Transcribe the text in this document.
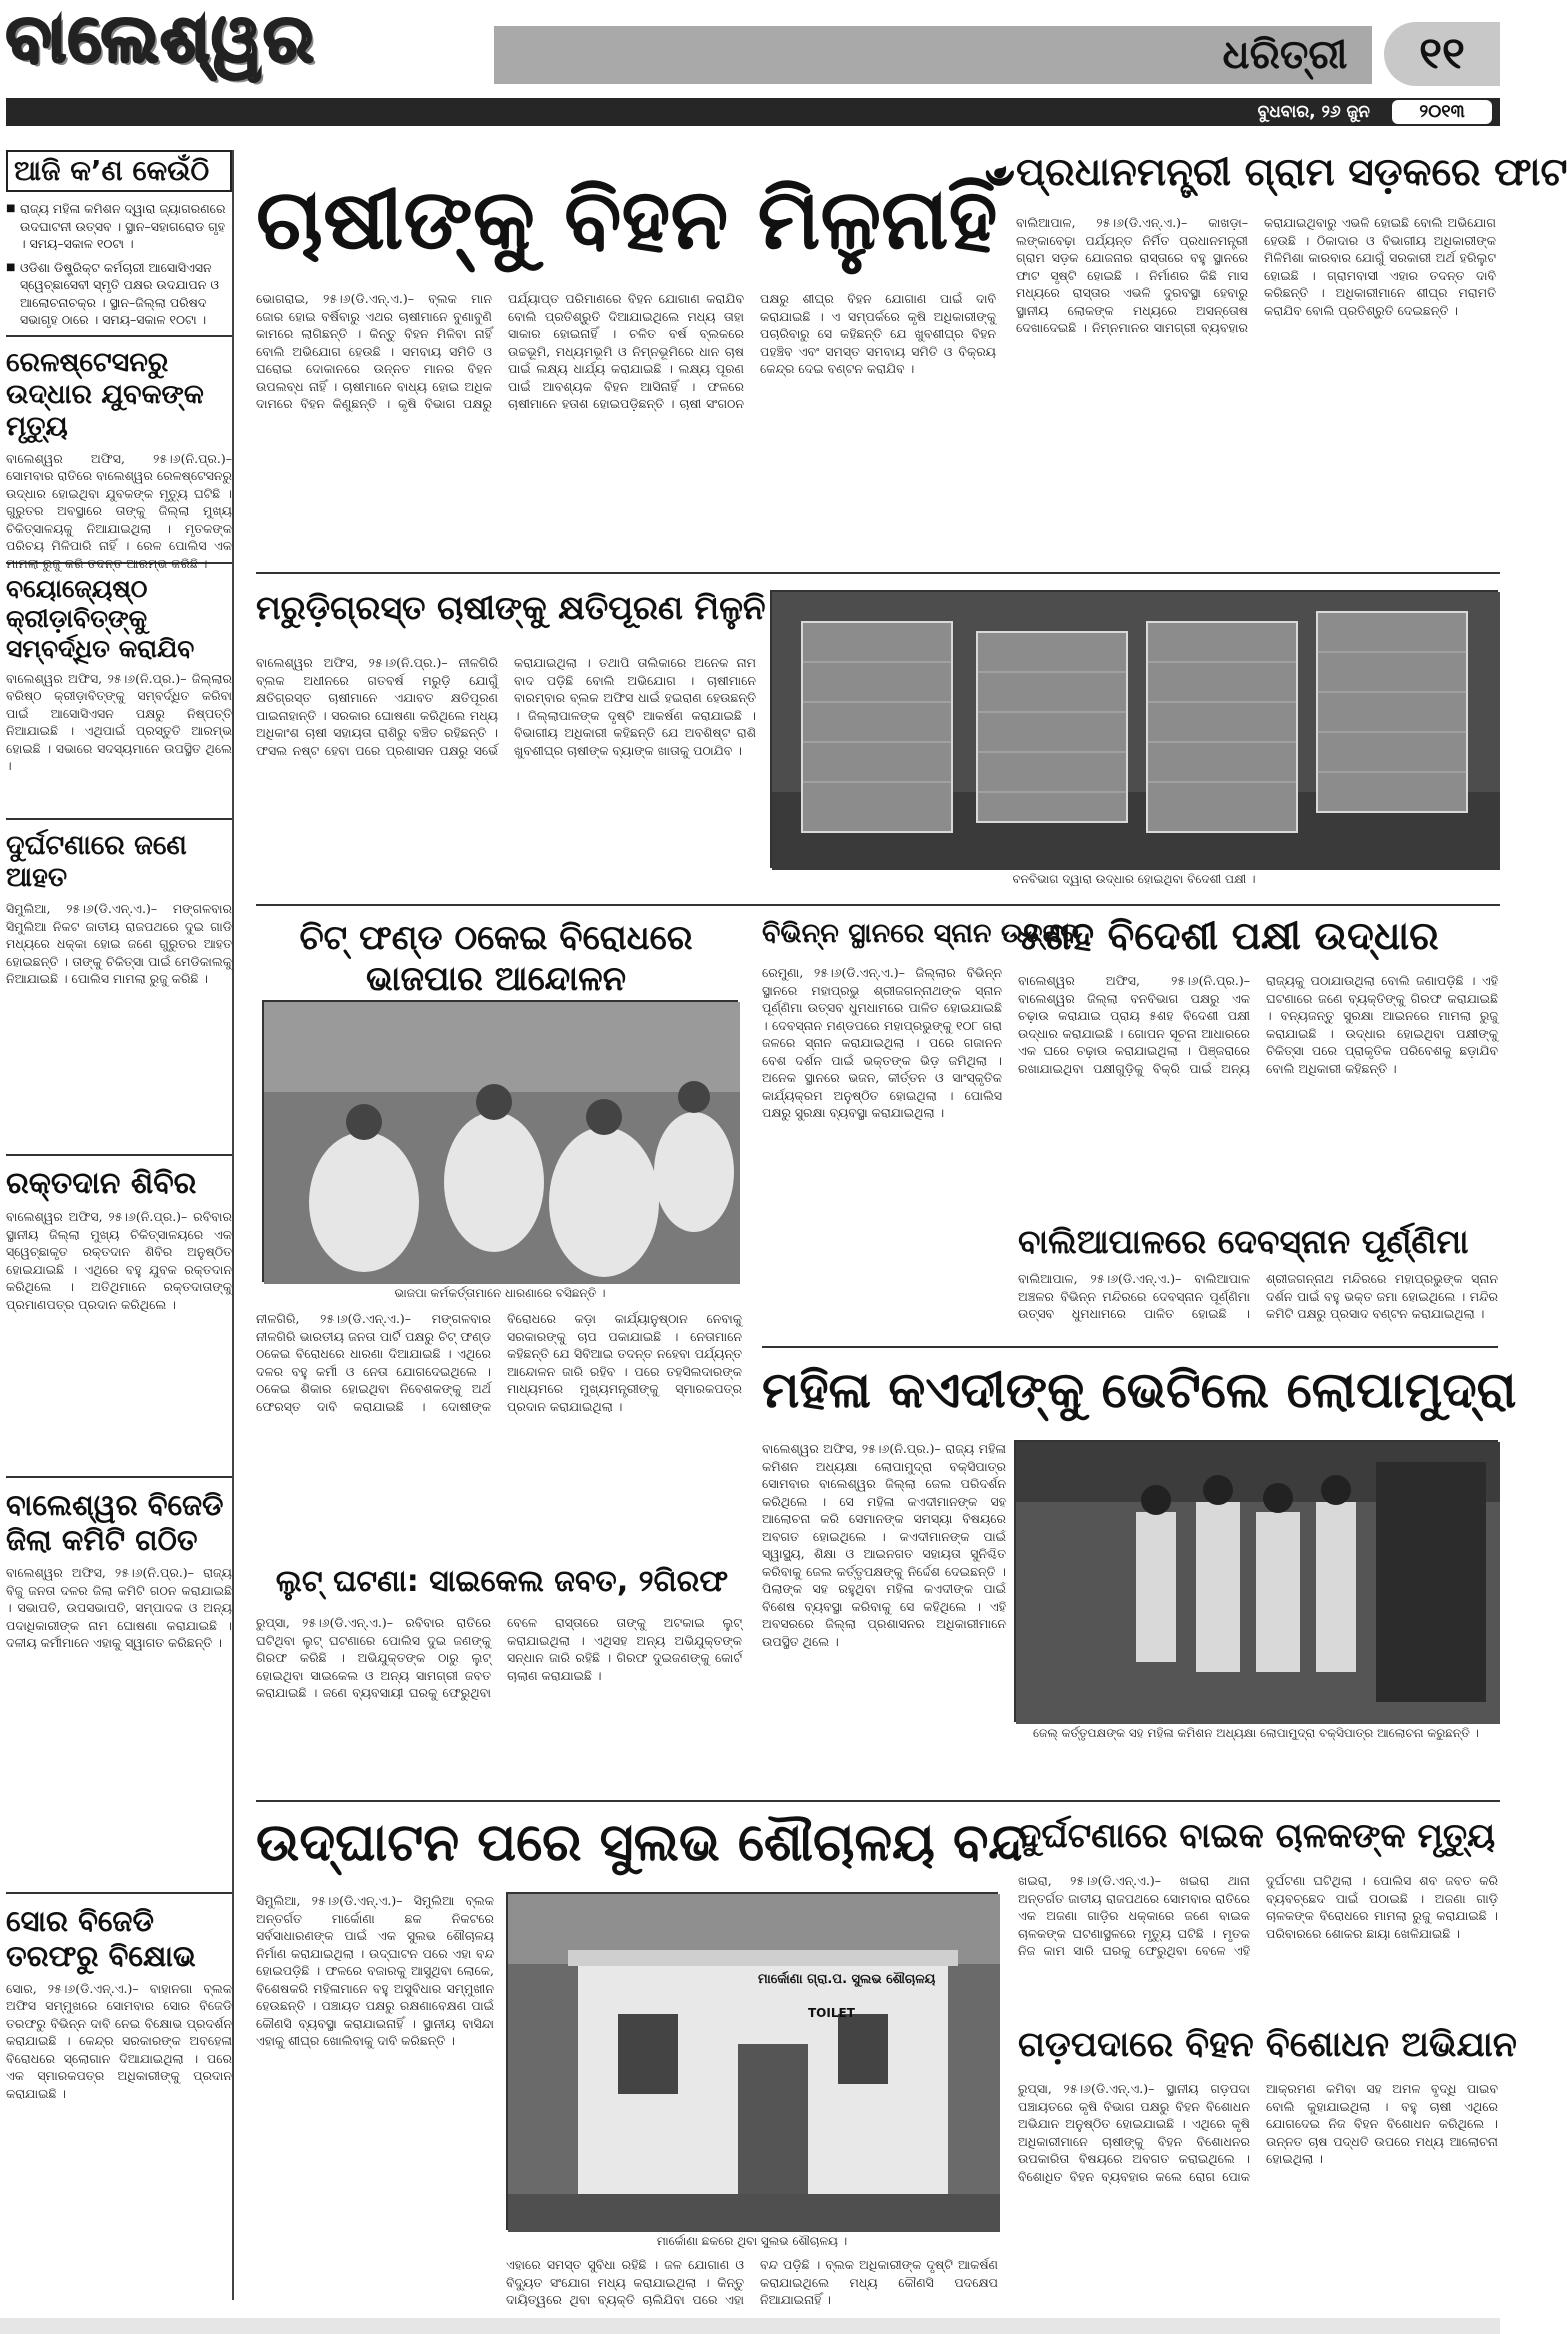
ବାଲେଶ୍ୱର	ଧରିତ୍ରୀ	୧୧
ବୁଧବାର, ୨୬ ଜୁନ	୨୦୧୩
ଆଜି କ’ଣ କେଉଁଠି
■ ରାଜ୍ୟ ମହିଳା କମିଶନ ଦ୍ୱାରା ଜ୍ୟାଗରଣରେ ଉଦଘାଟନୀ ଉତ୍ସବ । ସ୍ଥାନ–ସହାଗରୋଡ ଗୃହ । ସମୟ–ସକାଳ ୧୦ଟା ।
■ ଓଡିଶା ଡିଷ୍ଟ୍ରିକ୍ଟ କର୍ମଚାରୀ ଆସୋସିଏସନ ସ୍ୱେଚ୍ଛାସେବୀ ସ୍ମୃତି ପକ୍ଷର ଉଦଯାପନ ଓ ଆଲୋଚନାଚକ୍ର । ସ୍ଥାନ–ଜିଲ୍ଲା ପରିଷଦ ସଭାଗୃହ ଠାରେ । ସମୟ–ସକାଳ ୧୦ଟା ।
ରେଳଷ୍ଟେସନରୁ ଉଦ୍ଧାର ଯୁବକଙ୍କ ମୃତ୍ୟୁ
ବାଲେଶ୍ୱର ଅଫିସ, ୨୫।୬(ନି.ପ୍ର.)– ସୋମବାର ରାତିରେ ବାଲେଶ୍ୱର ରେଳଷ୍ଟେସନରୁ ଉଦ୍ଧାର ହୋଇଥିବା ଯୁବକଙ୍କ ମୃତ୍ୟୁ ଘଟିଛି । ଗୁରୁତର ଅବସ୍ଥାରେ ତାଙ୍କୁ ଜିଲ୍ଲା ମୁଖ୍ୟ ଚିକିତ୍ସାଳୟକୁ ନିଆଯାଇଥିଲା । ମୃତକଙ୍କ ପରିଚୟ ମିଳିପାରି ନାହିଁ । ରେଳ ପୋଲିସ ଏକ ମାମଲା ରୁଜୁ କରି ତଦନ୍ତ ଆରମ୍ଭ କରିଛି ।
ବୟୋଜ୍ୟେଷ୍ଠ କ୍ରୀଡ଼ାବିତ୍‌ଙ୍କୁ ସମ୍ବର୍ଦ୍ଧିତ କରାଯିବ
ବାଲେଶ୍ୱର ଅଫିସ, ୨୫।୬(ନି.ପ୍ର.)– ଜିଲ୍ଲାର ବରିଷ୍ଠ କ୍ରୀଡ଼ାବିତ୍‌ଙ୍କୁ ସମ୍ବର୍ଦ୍ଧିତ କରିବା ପାଇଁ ଆସୋସିଏସନ ପକ୍ଷରୁ ନିଷ୍ପତ୍ତି ନିଆଯାଇଛି । ଏଥିପାଇଁ ପ୍ରସ୍ତୁତି ଆରମ୍ଭ ହୋଇଛି । ସଭାରେ ସଦସ୍ୟମାନେ ଉପସ୍ଥିତ ଥିଲେ ।
ଦୁର୍ଘଟଣାରେ ଜଣେ ଆହତ
ସିମୁଲିଆ, ୨୫।୬(ଡି.ଏନ୍.ଏ.)– ମଙ୍ଗଳବାର ସିମୁଲିଆ ନିକଟ ଜାତୀୟ ରାଜପଥରେ ଦୁଇ ଗାଡି ମଧ୍ୟରେ ଧକ୍କା ହୋଇ ଜଣେ ଗୁରୁତର ଆହତ ହୋଇଛନ୍ତି । ତାଙ୍କୁ ଚିକିତ୍ସା ପାଇଁ ମେଡିକାଲକୁ ନିଆଯାଇଛି । ପୋଲିସ ମାମଲା ରୁଜୁ କରିଛି ।
ରକ୍ତଦାନ ଶିବିର
ବାଲେଶ୍ୱର ଅଫିସ, ୨୫।୬(ନି.ପ୍ର.)– ରବିବାର ସ୍ଥାନୀୟ ଜିଲ୍ଲା ମୁଖ୍ୟ ଚିକିତ୍ସାଳୟରେ ଏକ ସ୍ୱେଚ୍ଛାକୃତ ରକ୍ତଦାନ ଶିବିର ଅନୁଷ୍ଠିତ ହୋଇଯାଇଛି । ଏଥିରେ ବହୁ ଯୁବକ ରକ୍ତଦାନ କରିଥିଲେ । ଅତିଥିମାନେ ରକ୍ତଦାତାଙ୍କୁ ପ୍ରମାଣପତ୍ର ପ୍ରଦାନ କରିଥିଲେ ।
ବାଲେଶ୍ୱର ବିଜେଡି ଜିଲା କମିଟି ଗଠିତ
ବାଲେଶ୍ୱର ଅଫିସ, ୨୫।୬(ନି.ପ୍ର.)– ରାଜ୍ୟ ବିଜୁ ଜନତା ଦଳର ଜିଲା କମିଟି ଗଠନ କରାଯାଇଛି । ସଭାପତି, ଉପସଭାପତି, ସମ୍ପାଦକ ଓ ଅନ୍ୟ ପଦାଧିକାରୀଙ୍କ ନାମ ଘୋଷଣା କରାଯାଇଛି । ଦଳୀୟ କର୍ମୀମାନେ ଏହାକୁ ସ୍ୱାଗତ କରିଛନ୍ତି ।
ସୋର ବିଜେଡି ତରଫରୁ ବିକ୍ଷୋଭ
ସୋର, ୨୫।୬(ଡି.ଏନ୍.ଏ.)– ବାହାନଗା ବ୍ଲକ ଅଫିସ ସମ୍ମୁଖରେ ସୋମବାର ସୋର ବିଜେଡି ତରଫରୁ ବିଭିନ୍ନ ଦାବି ନେଇ ବିକ୍ଷୋଭ ପ୍ରଦର୍ଶନ କରାଯାଇଛି । କେନ୍ଦ୍ର ସରକାରଙ୍କ ଅବହେଳା ବିରୋଧରେ ସ୍ଲୋଗାନ ଦିଆଯାଇଥିଲା । ପରେ ଏକ ସ୍ମାରକପତ୍ର ଅଧିକାରୀଙ୍କୁ ପ୍ରଦାନ କରାଯାଇଛି ।
ଚାଷୀଙ୍କୁ ବିହନ ମିଳୁନାହିଁ
ଭୋଗରାଇ, ୨୫।୬(ଡି.ଏନ୍.ଏ.)– ବ୍ଲକ ମାନ ଜୋର ହୋଇ ବର୍ଷିବାରୁ ଏଥର ଚାଷୀମାନେ ବୁଣାବୁଣି କାମରେ ଲାଗିଛନ୍ତି । କିନ୍ତୁ ବିହନ ମିଳିବା ନାହିଁ ବୋଲି ଅଭିଯୋଗ ହେଉଛି । ସମବାୟ ସମିତି ଓ ଘରୋଇ ଦୋକାନରେ ଉନ୍ନତ ମାନର ବିହନ ଉପଲବ୍ଧ ନାହିଁ । ଚାଷୀମାନେ ବାଧ୍ୟ ହୋଇ ଅଧିକ ଦାମରେ ବିହନ କିଣୁଛନ୍ତି । କୃଷି ବିଭାଗ ପକ୍ଷରୁ ପର୍ଯ୍ୟାପ୍ତ ପରିମାଣରେ ବିହନ ଯୋଗାଣ କରାଯିବ ବୋଲି ପ୍ରତିଶ୍ରୁତି ଦିଆଯାଇଥିଲେ ମଧ୍ୟ ତାହା ସାକାର ହୋଇନାହିଁ । ଚଳିତ ବର୍ଷ ବ୍ଲକରେ ଉଚ୍ଚଭୂମି, ମଧ୍ୟମଭୂମି ଓ ନିମ୍ନଭୂମିରେ ଧାନ ଚାଷ ପାଇଁ ଲକ୍ଷ୍ୟ ଧାର୍ଯ୍ୟ କରାଯାଇଛି । ଲକ୍ଷ୍ୟ ପୂରଣ ପାଇଁ ଆବଶ୍ୟକ ବିହନ ଆସିନାହିଁ । ଫଳରେ ଚାଷୀମାନେ ହତାଶ ହୋଇପଡ଼ିଛନ୍ତି । ଚାଷୀ ସଂଗଠନ ପକ୍ଷରୁ ଶୀଘ୍ର ବିହନ ଯୋଗାଣ ପାଇଁ ଦାବି କରାଯାଇଛି । ଏ ସମ୍ପର୍କରେ କୃଷି ଅଧିକାରୀଙ୍କୁ ପଚାରିବାରୁ ସେ କହିଛନ୍ତି ଯେ ଖୁବଶୀଘ୍ର ବିହନ ପହଞ୍ଚିବ ଏବଂ ସମସ୍ତ ସମବାୟ ସମିତି ଓ ବିକ୍ରୟ କେନ୍ଦ୍ର ଦେଇ ବଣ୍ଟନ କରାଯିବ ।
ପ୍ରଧାନମନ୍ତ୍ରୀ ଗ୍ରାମ ସଡ଼କରେ ଫାଟ
ବାଲିଆପାଳ, ୨୫।୬(ଡି.ଏନ୍.ଏ.)– କାଖଡ଼ା–ଲଙ୍କାବେଢ଼ା ପର୍ଯ୍ୟନ୍ତ ନିର୍ମିତ ପ୍ରଧାନମନ୍ତ୍ରୀ ଗ୍ରାମ ସଡ଼କ ଯୋଜନାର ରାସ୍ତାରେ ବହୁ ସ୍ଥାନରେ ଫାଟ ସୃଷ୍ଟି ହୋଇଛି । ନିର୍ମାଣର କିଛି ମାସ ମଧ୍ୟରେ ରାସ୍ତାର ଏଭଳି ଦୁରବସ୍ଥା ହେବାରୁ ସ୍ଥାନୀୟ ଲୋକଙ୍କ ମଧ୍ୟରେ ଅସନ୍ତୋଷ ଦେଖାଦେଇଛି । ନିମ୍ନମାନର ସାମଗ୍ରୀ ବ୍ୟବହାର କରାଯାଇଥିବାରୁ ଏଭଳି ହୋଇଛି ବୋଲି ଅଭିଯୋଗ ହେଉଛି । ଠିକାଦାର ଓ ବିଭାଗୀୟ ଅଧିକାରୀଙ୍କ ମିଳିମିଶା କାରବାର ଯୋଗୁଁ ସରକାରୀ ଅର୍ଥ ହରିଲୁଟ ହୋଇଛି । ଗ୍ରାମବାସୀ ଏହାର ତଦନ୍ତ ଦାବି କରିଛନ୍ତି । ଅଧିକାରୀମାନେ ଶୀଘ୍ର ମରାମତି କରାଯିବ ବୋଲି ପ୍ରତିଶ୍ରୁତି ଦେଇଛନ୍ତି ।
ମରୁଡ଼ିଗ୍ରସ୍ତ ଚାଷୀଙ୍କୁ କ୍ଷତିପୂରଣ ମିଳୁନି
ବାଲେଶ୍ୱର ଅଫିସ, ୨୫।୬(ନି.ପ୍ର.)– ନୀଳଗିରି ବ୍ଲକ ଅଧୀନରେ ଗତବର୍ଷ ମରୁଡ଼ି ଯୋଗୁଁ କ୍ଷତିଗ୍ରସ୍ତ ଚାଷୀମାନେ ଏଯାବତ କ୍ଷତିପୂରଣ ପାଇନାହାନ୍ତି । ସରକାର ଘୋଷଣା କରିଥିଲେ ମଧ୍ୟ ଅଧିକାଂଶ ଚାଷୀ ସହାୟତା ରାଶିରୁ ବଞ୍ଚିତ ରହିଛନ୍ତି । ଫସଲ ନଷ୍ଟ ହେବା ପରେ ପ୍ରଶାସନ ପକ୍ଷରୁ ସର୍ଭେ କରାଯାଇଥିଲା । ତଥାପି ତାଲିକାରେ ଅନେକ ନାମ ବାଦ ପଡ଼ିଛି ବୋଲି ଅଭିଯୋଗ । ଚାଷୀମାନେ ବାରମ୍ବାର ବ୍ଲକ ଅଫିସ ଧାଇଁ ହଇରାଣ ହେଉଛନ୍ତି । ଜିଲ୍ଲାପାଳଙ୍କ ଦୃଷ୍ଟି ଆକର୍ଷଣ କରାଯାଇଛି । ବିଭାଗୀୟ ଅଧିକାରୀ କହିଛନ୍ତି ଯେ ଅବଶିଷ୍ଟ ରାଶି ଖୁବଶୀଘ୍ର ଚାଷୀଙ୍କ ବ୍ୟାଙ୍କ ଖାତାକୁ ପଠାଯିବ ।
ବନବିଭାଗ ଦ୍ୱାରା ଉଦ୍ଧାର ହୋଇଥିବା ବିଦେଶୀ ପକ୍ଷୀ ।
ଚିଟ୍ ଫଣ୍ଡ ଠକେଇ ବିରୋଧରେ ଭାଜପାର ଆନ୍ଦୋଳନ
ଭାଜପା କର୍ମକର୍ତ୍ତାମାନେ ଧାରଣାରେ ବସିଛନ୍ତି ।
ନୀଳଗିରି, ୨୫।୬(ଡି.ଏନ୍.ଏ.)– ମଙ୍ଗଳବାର ନୀଳଗିରି ଭାରତୀୟ ଜନତା ପାର୍ଟି ପକ୍ଷରୁ ଚିଟ୍ ଫଣ୍ଡ ଠକେଇ ବିରୋଧରେ ଧାରଣା ଦିଆଯାଇଛି । ଏଥିରେ ଦଳର ବହୁ କର୍ମୀ ଓ ନେତା ଯୋଗଦେଇଥିଲେ । ଠକେଇ ଶିକାର ହୋଇଥିବା ନିବେଶକଙ୍କୁ ଅର୍ଥ ଫେରସ୍ତ ଦାବି କରାଯାଇଛି । ଦୋଷୀଙ୍କ ବିରୋଧରେ କଡ଼ା କାର୍ଯ୍ୟାନୁଷ୍ଠାନ ନେବାକୁ ସରକାରଙ୍କୁ ଚାପ ପକାଯାଇଛି । ନେତାମାନେ କହିଛନ୍ତି ଯେ ସିବିଆଇ ତଦନ୍ତ ନହେବା ପର୍ଯ୍ୟନ୍ତ ଆନ୍ଦୋଳନ ଜାରି ରହିବ । ପରେ ତହସିଲଦାରଙ୍କ ମାଧ୍ୟମରେ ମୁଖ୍ୟମନ୍ତ୍ରୀଙ୍କୁ ସ୍ମାରକପତ୍ର ପ୍ରଦାନ କରାଯାଇଥିଲା ।
ବିଭିନ୍ନ ସ୍ଥାନରେ ସ୍ନାନ ଉତ୍ସବ
ରେମୁଣା, ୨୫।୬(ଡି.ଏନ୍.ଏ.)– ଜିଲ୍ଲାର ବିଭିନ୍ନ ସ୍ଥାନରେ ମହାପ୍ରଭୁ ଶ୍ରୀଜଗନ୍ନାଥଙ୍କ ସ୍ନାନ ପୂର୍ଣ୍ଣିମା ଉତ୍ସବ ଧୁମଧାମରେ ପାଳିତ ହୋଇଯାଇଛି । ଦେବସ୍ନାନ ମଣ୍ଡପରେ ମହାପ୍ରଭୁଙ୍କୁ ୧୦୮ ଗରା ଜଳରେ ସ୍ନାନ କରାଯାଇଥିଲା । ପରେ ଗଜାନନ ବେଶ ଦର୍ଶନ ପାଇଁ ଭକ୍ତଙ୍କ ଭିଡ଼ ଜମିଥିଲା । ଅନେକ ସ୍ଥାନରେ ଭଜନ, କୀର୍ତ୍ତନ ଓ ସାଂସ୍କୃତିକ କାର୍ଯ୍ୟକ୍ରମ ଅନୁଷ୍ଠିତ ହୋଇଥିଲା । ପୋଲିସ ପକ୍ଷରୁ ସୁରକ୍ଷା ବ୍ୟବସ୍ଥା କରାଯାଇଥିଲା ।
୫ଶହ ବିଦେଶୀ ପକ୍ଷୀ ଉଦ୍ଧାର
ବାଲେଶ୍ୱର ଅଫିସ, ୨୫।୬(ନି.ପ୍ର.)– ବାଲେଶ୍ୱର ଜିଲ୍ଲା ବନବିଭାଗ ପକ୍ଷରୁ ଏକ ଚଢ଼ାଉ କରାଯାଇ ପ୍ରାୟ ୫ଶହ ବିଦେଶୀ ପକ୍ଷୀ ଉଦ୍ଧାର କରାଯାଇଛି । ଗୋପନ ସୂଚନା ଆଧାରରେ ଏକ ଘରେ ଚଢ଼ାଉ କରାଯାଇଥିଲା । ପିଞ୍ଜରାରେ ରଖାଯାଇଥିବା ପକ୍ଷୀଗୁଡ଼ିକୁ ବିକ୍ରି ପାଇଁ ଅନ୍ୟ ରାଜ୍ୟକୁ ପଠାଯାଉଥିଲା ବୋଲି ଜଣାପଡ଼ିଛି । ଏହି ଘଟଣାରେ ଜଣେ ବ୍ୟକ୍ତିଙ୍କୁ ଗିରଫ କରାଯାଇଛି । ବନ୍ୟଜନ୍ତୁ ସୁରକ୍ଷା ଆଇନରେ ମାମଲା ରୁଜୁ କରାଯାଇଛି । ଉଦ୍ଧାର ହୋଇଥିବା ପକ୍ଷୀଙ୍କୁ ଚିକିତ୍ସା ପରେ ପ୍ରାକୃତିକ ପରିବେଶକୁ ଛଡ଼ାଯିବ ବୋଲି ଅଧିକାରୀ କହିଛନ୍ତି ।
ବାଲିଆପାଳରେ ଦେବସ୍ନାନ ପୂର୍ଣ୍ଣିମା
ବାଲିଆପାଳ, ୨୫।୬(ଡି.ଏନ୍.ଏ.)– ବାଲିଆପାଳ ଅଞ୍ଚଳର ବିଭିନ୍ନ ମନ୍ଦିରରେ ଦେବସ୍ନାନ ପୂର୍ଣ୍ଣିମା ଉତ୍ସବ ଧୁମଧାମରେ ପାଳିତ ହୋଇଛି । ଶ୍ରୀଜଗନ୍ନାଥ ମନ୍ଦିରରେ ମହାପ୍ରଭୁଙ୍କ ସ୍ନାନ ଦର୍ଶନ ପାଇଁ ବହୁ ଭକ୍ତ ଜମା ହୋଇଥିଲେ । ମନ୍ଦିର କମିଟି ପକ୍ଷରୁ ପ୍ରସାଦ ବଣ୍ଟନ କରାଯାଇଥିଲା ।
ଲୁଟ୍ ଘଟଣା: ସାଇକେଲ ଜବତ, ୨ଗିରଫ
ରୁପ୍ସା, ୨୫।୬(ଡି.ଏନ୍.ଏ.)– ରବିବାର ରାତିରେ ଘଟିଥିବା ଲୁଟ୍ ଘଟଣାରେ ପୋଲିସ ଦୁଇ ଜଣଙ୍କୁ ଗିରଫ କରିଛି । ଅଭିଯୁକ୍ତଙ୍କ ଠାରୁ ଲୁଟ୍ ହୋଇଥିବା ସାଇକେଲ ଓ ଅନ୍ୟ ସାମଗ୍ରୀ ଜବତ କରାଯାଇଛି । ଜଣେ ବ୍ୟବସାୟୀ ଘରକୁ ଫେରୁଥିବା ବେଳେ ରାସ୍ତାରେ ତାଙ୍କୁ ଅଟକାଇ ଲୁଟ୍ କରାଯାଇଥିଲା । ଏଥିସହ ଅନ୍ୟ ଅଭିଯୁକ୍ତଙ୍କ ସନ୍ଧାନ ଜାରି ରହିଛି । ଗିରଫ ଦୁଇଜଣଙ୍କୁ କୋର୍ଟ ଚାଲାଣ କରାଯାଇଛି ।
ମହିଳା କଏଦୀଙ୍କୁ ଭେଟିଲେ ଲୋପାମୁଦ୍ରା
ବାଲେଶ୍ୱର ଅଫିସ, ୨୫।୬(ନି.ପ୍ର.)– ରାଜ୍ୟ ମହିଳା କମିଶନ ଅଧ୍ୟକ୍ଷା ଲୋପାମୁଦ୍ରା ବକ୍ସିପାତ୍ର ସୋମବାର ବାଲେଶ୍ୱର ଜିଲ୍ଲା ଜେଲ ପରିଦର୍ଶନ କରିଥିଲେ । ସେ ମହିଳା କଏଦୀମାନଙ୍କ ସହ ଆଲୋଚନା କରି ସେମାନଙ୍କ ସମସ୍ୟା ବିଷୟରେ ଅବଗତ ହୋଇଥିଲେ । କଏଦୀମାନଙ୍କ ପାଇଁ ସ୍ୱାସ୍ଥ୍ୟ, ଶିକ୍ଷା ଓ ଆଇନଗତ ସହାୟତା ସୁନିଶ୍ଚିତ କରିବାକୁ ଜେଲ କର୍ତ୍ତୃପକ୍ଷଙ୍କୁ ନିର୍ଦ୍ଦେଶ ଦେଇଛନ୍ତି । ପିଲାଙ୍କ ସହ ରହୁଥିବା ମହିଳା କଏଦୀଙ୍କ ପାଇଁ ବିଶେଷ ବ୍ୟବସ୍ଥା କରିବାକୁ ସେ କହିଥିଲେ । ଏହି ଅବସରରେ ଜିଲ୍ଲା ପ୍ରଶାସନର ଅଧିକାରୀମାନେ ଉପସ୍ଥିତ ଥିଲେ ।
ଜେଲ୍ କର୍ତ୍ତୃପକ୍ଷଙ୍କ ସହ ମହିଳା କମିଶନ ଅଧ୍ୟକ୍ଷା ଲୋପାମୁଦ୍ରା ବକ୍ସିପାତ୍ର ଆଲୋଚନା କରୁଛନ୍ତି ।
ଉଦ୍‌ଘାଟନ ପରେ ସୁଲଭ ଶୌଚାଳୟ ବନ୍ଦ
ସିମୁଲିଆ, ୨୫।୬(ଡି.ଏନ୍.ଏ.)– ସିମୁଲିଆ ବ୍ଲକ ଅନ୍ତର୍ଗତ ମାର୍କୋଣା ଛକ ନିକଟରେ ସର୍ବସାଧାରଣଙ୍କ ପାଇଁ ଏକ ସୁଲଭ ଶୌଚାଳୟ ନିର୍ମାଣ କରାଯାଇଥିଲା । ଉଦ୍‌ଘାଟନ ପରେ ଏହା ବନ୍ଦ ହୋଇପଡ଼ିଛି । ଫଳରେ ବଜାରକୁ ଆସୁଥିବା ଲୋକେ, ବିଶେଷକରି ମହିଳାମାନେ ବହୁ ଅସୁବିଧାର ସମ୍ମୁଖୀନ ହେଉଛନ୍ତି । ପଞ୍ଚାୟତ ପକ୍ଷରୁ ରକ୍ଷଣାବେକ୍ଷଣ ପାଇଁ କୌଣସି ବ୍ୟବସ୍ଥା କରାଯାଇନାହିଁ । ସ୍ଥାନୀୟ ବାସିନ୍ଦା ଏହାକୁ ଶୀଘ୍ର ଖୋଲିବାକୁ ଦାବି କରିଛନ୍ତି ।
ମାର୍କୋଣା ଗ୍ରା.ପ. ସୁଲଭ ଶୌଚାଳୟ
TOILET
ମାର୍କୋଣା ଛକରେ ଥିବା ସୁଲଭ ଶୌଚାଳୟ ।
ଏହାରେ ସମସ୍ତ ସୁବିଧା ରହିଛି । ଜଳ ଯୋଗାଣ ଓ ବିଦ୍ୟୁତ ସଂଯୋଗ ମଧ୍ୟ କରାଯାଇଥିଲା । କିନ୍ତୁ ଦାୟିତ୍ୱରେ ଥିବା ବ୍ୟକ୍ତି ଚାଲିଯିବା ପରେ ଏହା ବନ୍ଦ ପଡ଼ିଛି । ବ୍ଲକ ଅଧିକାରୀଙ୍କ ଦୃଷ୍ଟି ଆକର୍ଷଣ କରାଯାଇଥିଲେ ମଧ୍ୟ କୌଣସି ପଦକ୍ଷେପ ନିଆଯାଇନାହିଁ ।
ଦୁର୍ଘଟଣାରେ ବାଇକ ଚାଳକଙ୍କ ମୃତ୍ୟୁ
ଖଇରା, ୨୫।୬(ଡି.ଏନ୍.ଏ.)– ଖଇରା ଥାନା ଅନ୍ତର୍ଗତ ଜାତୀୟ ରାଜପଥରେ ସୋମବାର ରାତିରେ ଏକ ଅଜଣା ଗାଡ଼ିର ଧକ୍କାରେ ଜଣେ ବାଇକ ଚାଳକଙ୍କ ଘଟଣାସ୍ଥଳରେ ମୃତ୍ୟୁ ଘଟିଛି । ମୃତକ ନିଜ କାମ ସାରି ଘରକୁ ଫେରୁଥିବା ବେଳେ ଏହି ଦୁର୍ଘଟଣା ଘଟିଥିଲା । ପୋଲିସ ଶବ ଜବତ କରି ବ୍ୟବଚ୍ଛେଦ ପାଇଁ ପଠାଇଛି । ଅଜଣା ଗାଡ଼ି ଚାଳକଙ୍କ ବିରୋଧରେ ମାମଲା ରୁଜୁ କରାଯାଇଛି । ପରିବାରରେ ଶୋକର ଛାୟା ଖେଳିଯାଇଛି ।
ଗଡ଼ପଦାରେ ବିହନ ବିଶୋଧନ ଅଭିଯାନ
ରୁପ୍ସା, ୨୫।୬(ଡି.ଏନ୍.ଏ.)– ସ୍ଥାନୀୟ ଗଡ଼ପଦା ପଞ୍ଚାୟତରେ କୃଷି ବିଭାଗ ପକ୍ଷରୁ ବିହନ ବିଶୋଧନ ଅଭିଯାନ ଅନୁଷ୍ଠିତ ହୋଇଯାଇଛି । ଏଥିରେ କୃଷି ଅଧିକାରୀମାନେ ଚାଷୀଙ୍କୁ ବିହନ ବିଶୋଧନର ଉପକାରିତା ବିଷୟରେ ଅବଗତ କରାଇଥିଲେ । ବିଶୋଧିତ ବିହନ ବ୍ୟବହାର କଲେ ରୋଗ ପୋକ ଆକ୍ରମଣ କମିବା ସହ ଅମଳ ବୃଦ୍ଧି ପାଇବ ବୋଲି କୁହାଯାଇଥିଲା । ବହୁ ଚାଷୀ ଏଥିରେ ଯୋଗଦେଇ ନିଜ ବିହନ ବିଶୋଧନ କରିଥିଲେ । ଉନ୍ନତ ଚାଷ ପଦ୍ଧତି ଉପରେ ମଧ୍ୟ ଆଲୋଚନା ହୋଇଥିଲା ।
